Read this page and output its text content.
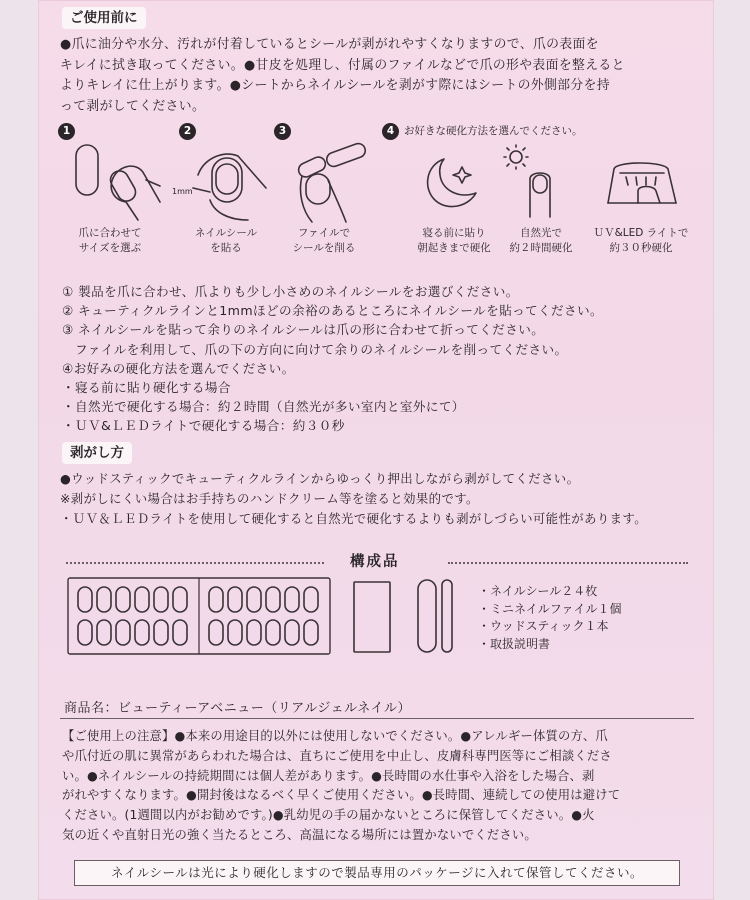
ご使用前に
●爪に油分や水分、汚れが付着しているとシールが剥がれやすくなりますので、爪の表面を
キレイに拭き取ってください。●甘皮を処理し、付属のファイルなどで爪の形や表面を整えると
よりキレイに仕上がります。●シートからネイルシールを剥がす際にはシートの外側部分を持
って剥がしてください。
1	2	3	4 お好きな硬化方法を選んでください。
爪に合わせて
サイズを選ぶ
1mm
ネイルシール
を貼る
ファイルで
シールを削る
寝る前に貼り
朝起きまで硬化
自然光で
約２時間硬化
ＵＶ&LED ライトで
約３０秒硬化
① 製品を爪に合わせ、爪よりも少し小さめのネイルシールをお選びください。
② キューティクルラインと1mmほどの余裕のあるところにネイルシールを貼ってください。
③ ネイルシールを貼って余りのネイルシールは爪の形に合わせて折ってください。
　ファイルを利用して、爪の下の方向に向けて余りのネイルシールを削ってください。
④お好みの硬化方法を選んでください。
・寝る前に貼り硬化する場合
・自然光で硬化する場合：約２時間（自然光が多い室内と室外にて）
・ＵＶ&ＬＥＤライトで硬化する場合：約３０秒
剥がし方
●ウッドスティックでキューティクルラインからゆっくり押出しながら剥がしてください。
※剥がしにくい場合はお手持ちのハンドクリーム等を塗ると効果的です。
・ＵＶ＆ＬＥＤライトを使用して硬化すると自然光で硬化するよりも剥がしづらい可能性があります。
構成品
・ネイルシール２４枚
・ミニネイルファイル１個
・ウッドスティック１本
・取扱説明書
商品名：ビューティーアベニュー（リアルジェルネイル）
【ご使用上の注意】●本来の用途目的以外には使用しないでください。●アレルギー体質の方、爪
や爪付近の肌に異常があらわれた場合は、直ちにご使用を中止し、皮膚科専門医等にご相談くださ
い。●ネイルシールの持続期間には個人差があります。●長時間の水仕事や入浴をした場合、剥
がれやすくなります。●開封後はなるべく早くご使用ください。●長時間、連続しての使用は避けて
ください。(1週間以内がお勧めです。)●乳幼児の手の届かないところに保管してください。●火
気の近くや直射日光の強く当たるところ、高温になる場所には置かないでください。
ネイルシールは光により硬化しますので製品専用のパッケージに入れて保管してください。
